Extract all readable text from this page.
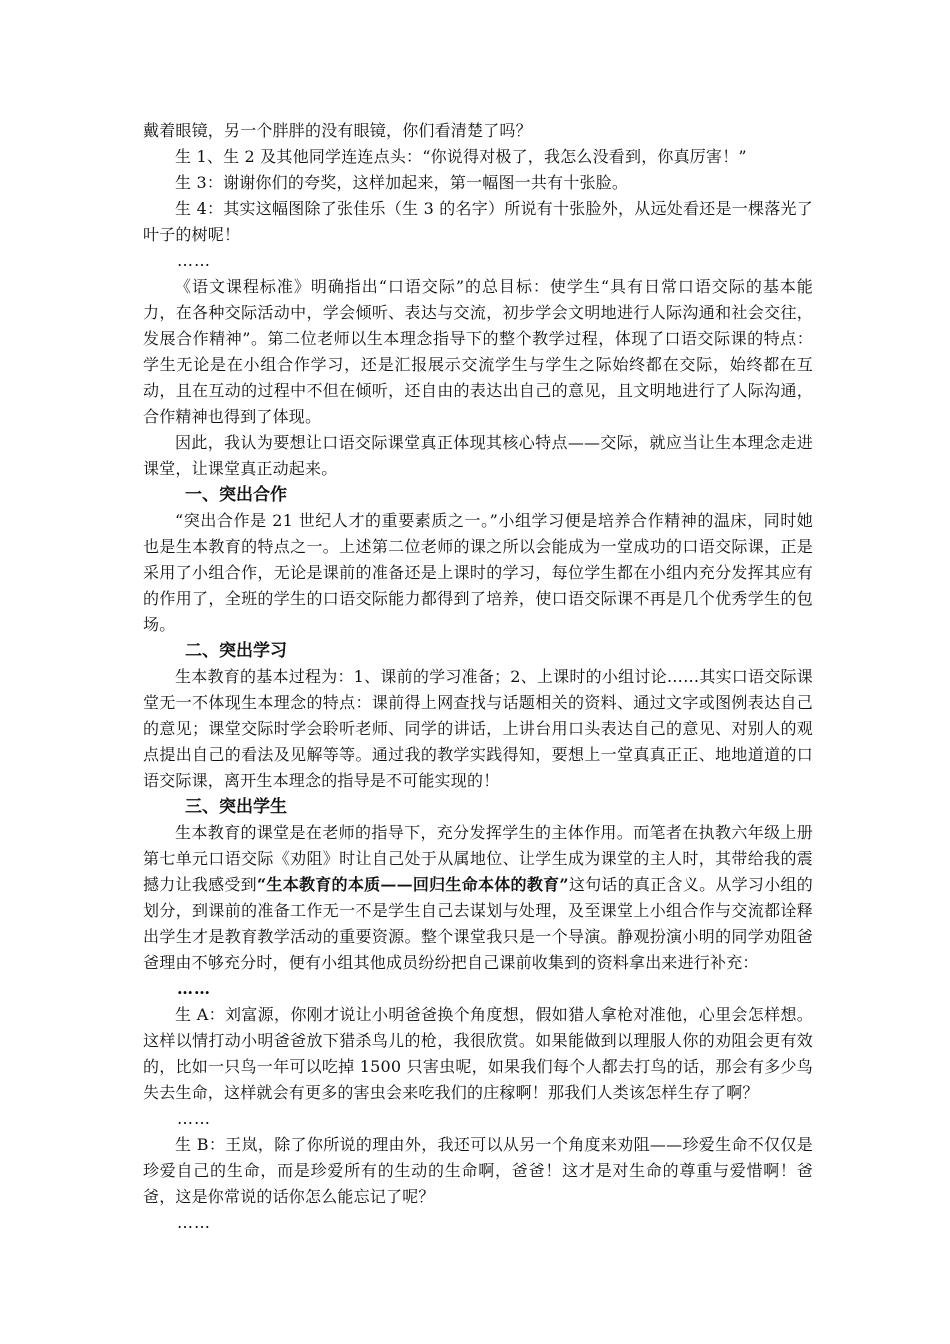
戴着眼镜，另一个胖胖的没有眼镜，你们看清楚了吗？

生 1、生 2 及其他同学连连点头：“你说得对极了，我怎么没看到，你真厉害！”

生 3：谢谢你们的夸奖，这样加起来，第一幅图一共有十张脸。

生 4：其实这幅图除了张佳乐（生 3 的名字）所说有十张脸外，从远处看还是一棵落光了叶子的树呢！

……

《语文课程标准》明确指出“口语交际”的总目标：使学生“具有日常口语交际的基本能力，在各种交际活动中，学会倾听、表达与交流，初步学会文明地进行人际沟通和社会交往，发展合作精神”。第二位老师以生本理念指导下的整个教学过程，体现了口语交际课的特点：学生无论是在小组合作学习，还是汇报展示交流学生与学生之际始终都在交际，始终都在互动，且在互动的过程中不但在倾听，还自由的表达出自己的意见，且文明地进行了人际沟通，合作精神也得到了体现。

因此，我认为要想让口语交际课堂真正体现其核心特点——交际，就应当让生本理念走进课堂，让课堂真正动起来。

一、突出合作

“突出合作是 21 世纪人才的重要素质之一。”小组学习便是培养合作精神的温床，同时她也是生本教育的特点之一。上述第二位老师的课之所以会能成为一堂成功的口语交际课，正是采用了小组合作，无论是课前的准备还是上课时的学习，每位学生都在小组内充分发挥其应有的作用了，全班的学生的口语交际能力都得到了培养，使口语交际课不再是几个优秀学生的包场。

二、突出学习

生本教育的基本过程为：1、课前的学习准备；2、上课时的小组讨论……其实口语交际课堂无一不体现生本理念的特点：课前得上网查找与话题相关的资料、通过文字或图例表达自己的意见；课堂交际时学会聆听老师、同学的讲话，上讲台用口头表达自己的意见、对别人的观点提出自己的看法及见解等等。通过我的教学实践得知，要想上一堂真真正正、地地道道的口语交际课，离开生本理念的指导是不可能实现的！

三、突出学生

生本教育的课堂是在老师的指导下，充分发挥学生的主体作用。而笔者在执教六年级上册第七单元口语交际《劝阻》时让自己处于从属地位、让学生成为课堂的主人时，其带给我的震撼力让我感受到“生本教育的本质——回归生命本体的教育”这句话的真正含义。从学习小组的划分，到课前的准备工作无一不是学生自己去谋划与处理，及至课堂上小组合作与交流都诠释出学生才是教育教学活动的重要资源。整个课堂我只是一个导演。静观扮演小明的同学劝阻爸爸理由不够充分时，便有小组其他成员纷纷把自己课前收集到的资料拿出来进行补充：

……

生 A：刘富源，你刚才说让小明爸爸换个角度想，假如猎人拿枪对准他，心里会怎样想。这样以情打动小明爸爸放下猎杀鸟儿的枪，我很欣赏。如果能做到以理服人你的劝阻会更有效的，比如一只鸟一年可以吃掉 1500 只害虫呢，如果我们每个人都去打鸟的话，那会有多少鸟失去生命，这样就会有更多的害虫会来吃我们的庄稼啊！那我们人类该怎样生存了啊？

……

生 B：王岚，除了你所说的理由外，我还可以从另一个角度来劝阻——珍爱生命不仅仅是珍爱自己的生命，而是珍爱所有的生动的生命啊，爸爸！这才是对生命的尊重与爱惜啊！爸爸，这是你常说的话你怎么能忘记了呢？

……
